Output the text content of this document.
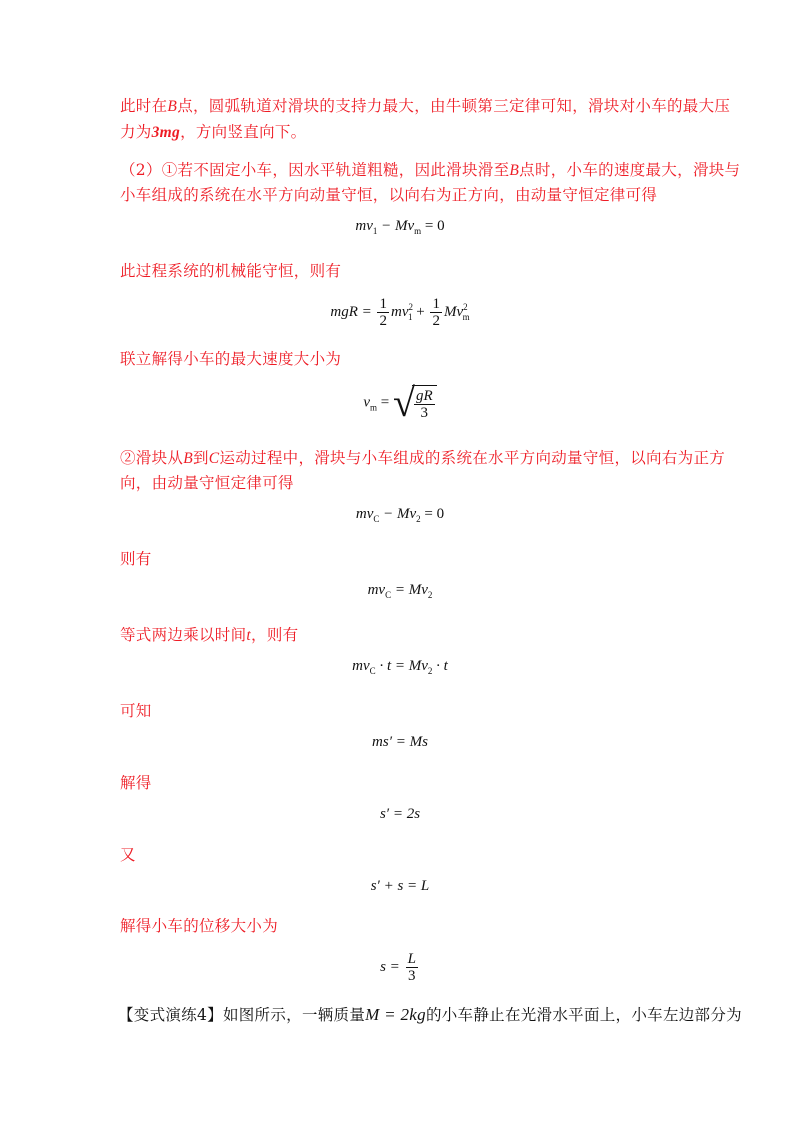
此时在B点，圆弧轨道对滑块的支持力最大，由牛顿第三定律可知，滑块对小车的最大压
力为3mg，方向竖直向下。
（2）①若不固定小车，因水平轨道粗糙，因此滑块滑至B点时，小车的速度最大，滑块与
小车组成的系统在水平方向动量守恒，以向右为正方向，由动量守恒定律可得
$mv_1 - Mv_m = 0$
此过程系统的机械能守恒，则有
mgR = $\frac{1}{2} mv^2_1 + \frac{1}{2} Mv^2_m$
联立解得小车的最大速度大小为
$v_m$ = √ $\frac{gR}{3}$
②滑块从B到C运动过程中，滑块与小车组成的系统在水平方向动量守恒，以向右为正方
向，由动量守恒定律可得
$mv_C - Mv_2 = 0$
则有
$mv_C = Mv_2$
等式两边乘以时间t，则有
$mv_C \cdot t = Mv_2 \cdot t$
可知
ms′ = Ms
解得
s′ = 2s
又
s′ + s = L
解得小车的位移大小为
$s = \frac{L}{3}$
【变式演练4】如图所示，一辆质量M = 2kg的小车静止在光滑水平面上，小车左边部分为
